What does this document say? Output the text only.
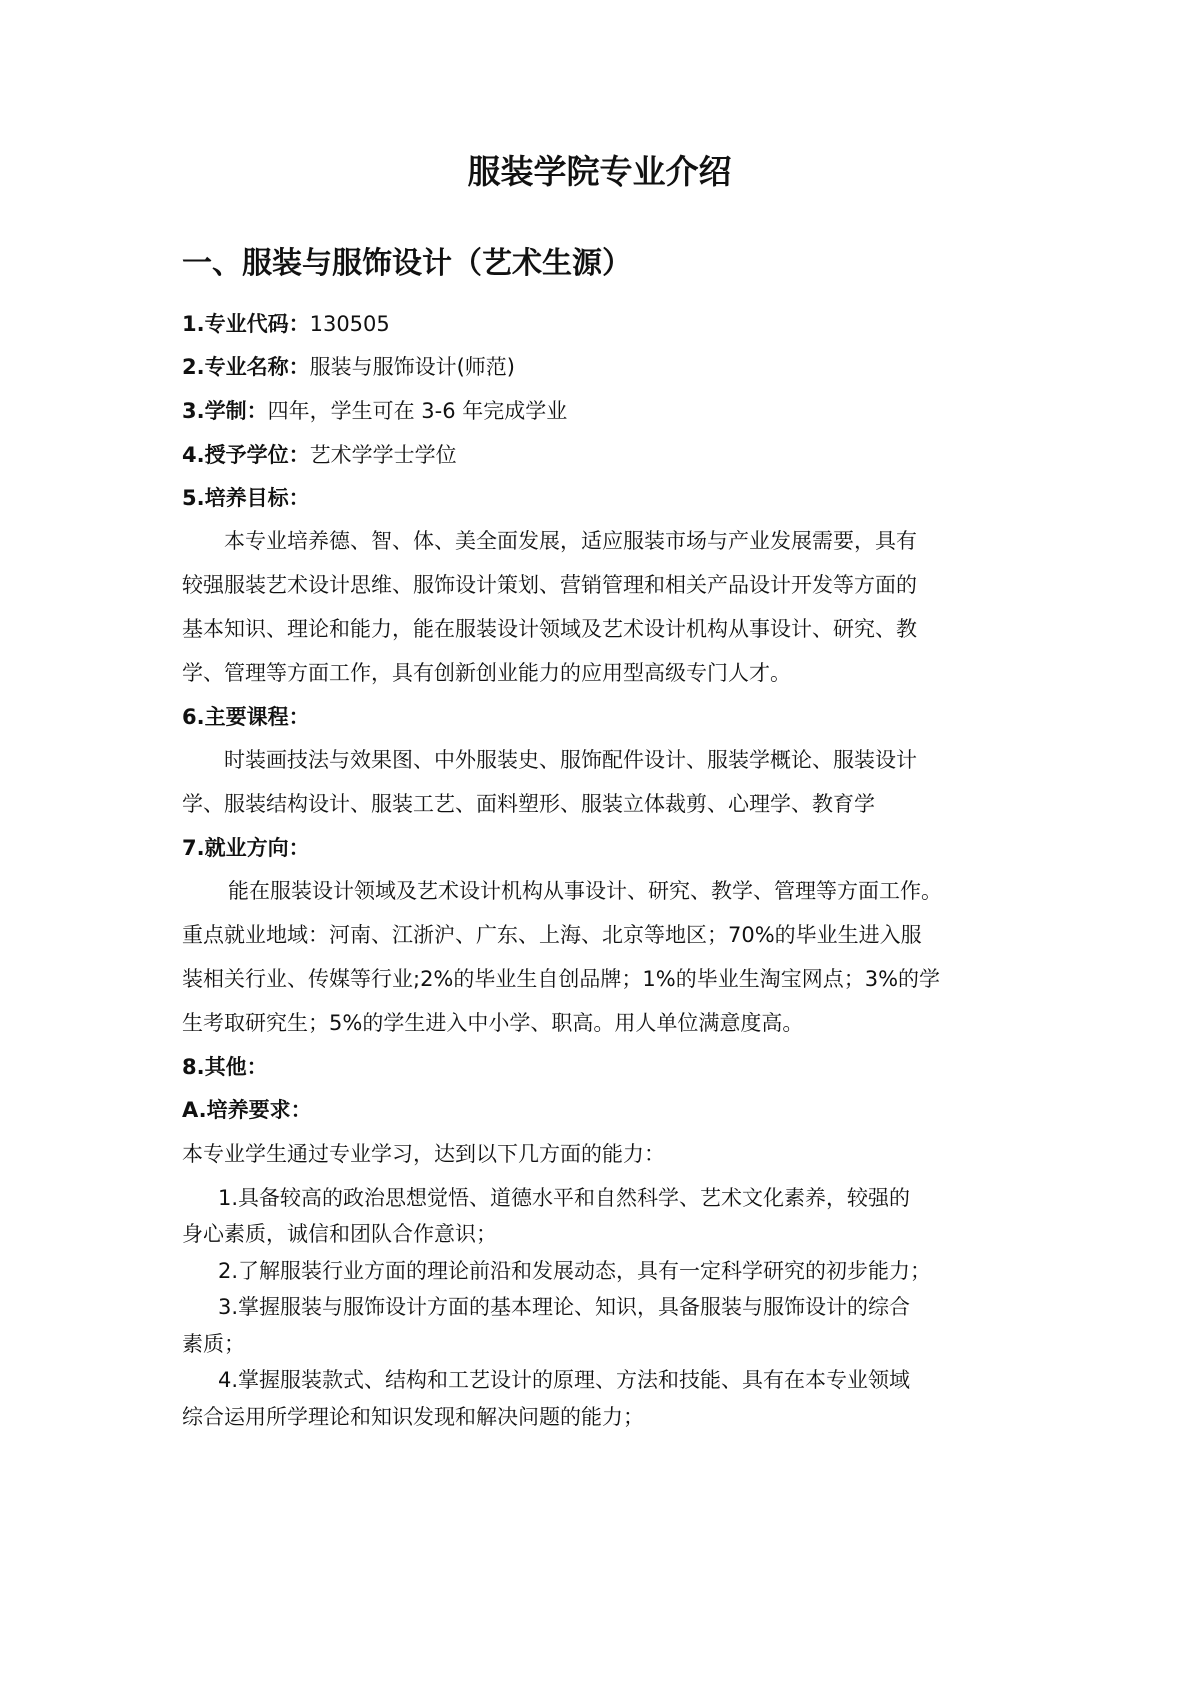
服装学院专业介绍
一、服装与服饰设计（艺术生源）
1.专业代码：130505
2.专业名称：服装与服饰设计(师范)
3.学制：四年，学生可在 3-6 年完成学业
4.授予学位：艺术学学士学位
5.培养目标：
本专业培养德、智、体、美全面发展，适应服装市场与产业发展需要，具有
较强服装艺术设计思维、服饰设计策划、营销管理和相关产品设计开发等方面的
基本知识、理论和能力，能在服装设计领域及艺术设计机构从事设计、研究、教
学、管理等方面工作，具有创新创业能力的应用型高级专门人才。
6.主要课程：
时装画技法与效果图、中外服装史、服饰配件设计、服装学概论、服装设计
学、服装结构设计、服装工艺、面料塑形、服装立体裁剪、心理学、教育学
7.就业方向：
能在服装设计领域及艺术设计机构从事设计、研究、教学、管理等方面工作。
重点就业地域：河南、江浙沪、广东、上海、北京等地区；70%的毕业生进入服
装相关行业、传媒等行业;2%的毕业生自创品牌；1%的毕业生淘宝网点；3%的学
生考取研究生；5%的学生进入中小学、职高。用人单位满意度高。
8.其他：
A.培养要求：
本专业学生通过专业学习，达到以下几方面的能力：
1.具备较高的政治思想觉悟、道德水平和自然科学、艺术文化素养，较强的
身心素质，诚信和团队合作意识；
2.了解服装行业方面的理论前沿和发展动态，具有一定科学研究的初步能力；
3.掌握服装与服饰设计方面的基本理论、知识，具备服装与服饰设计的综合
素质；
4.掌握服装款式、结构和工艺设计的原理、方法和技能、具有在本专业领域
综合运用所学理论和知识发现和解决问题的能力；
